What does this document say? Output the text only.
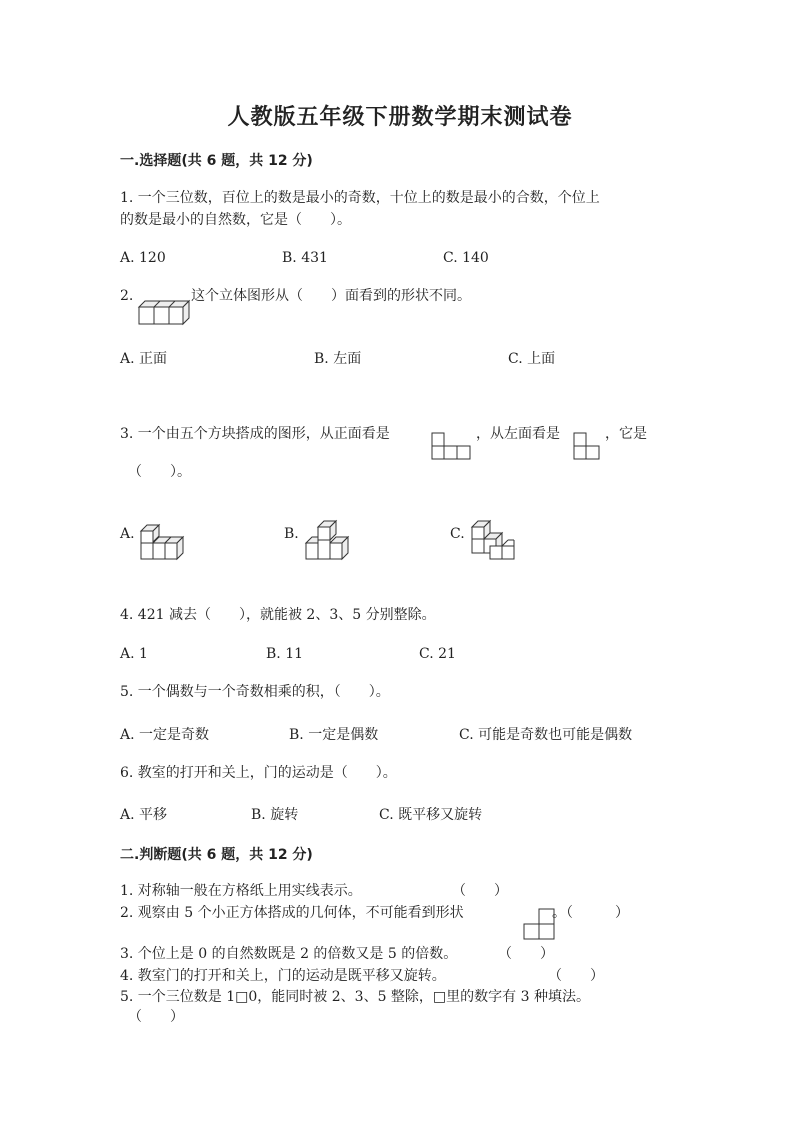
人教版五年级下册数学期末测试卷
一.选择题(共 6 题，共 12 分)
1. 一个三位数，百位上的数是最小的奇数，十位上的数是最小的合数，个位上
的数是最小的自然数，它是（　　）。
A. 120	B. 431	C. 140
2.	这个立体图形从（　　）面看到的形状不同。
A. 正面	B. 左面	C. 上面
3. 一个由五个方块搭成的图形，从正面看是	，从左面看是	，它是
（　　）。
A.	B.	C.
4. 421 减去（　　），就能被 2、3、5 分别整除。
A. 1	B. 11	C. 21
5. 一个偶数与一个奇数相乘的积，（　　）。
A. 一定是奇数	B. 一定是偶数	C. 可能是奇数也可能是偶数
6. 教室的打开和关上，门的运动是（　　）。
A. 平移	B. 旋转	C. 既平移又旋转
二.判断题(共 6 题，共 12 分)
1. 对称轴一般在方格纸上用实线表示。	（　　）
2. 观察由 5 个小正方体搭成的几何体，不可能看到形状	。（　　　）
3. 个位上是 0 的自然数既是 2 的倍数又是 5 的倍数。	（　　）
4. 教室门的打开和关上，门的运动是既平移又旋转。	（　　）
5. 一个三位数是 1□0，能同时被 2、3、5 整除，□里的数字有 3 种填法。
（　　）
